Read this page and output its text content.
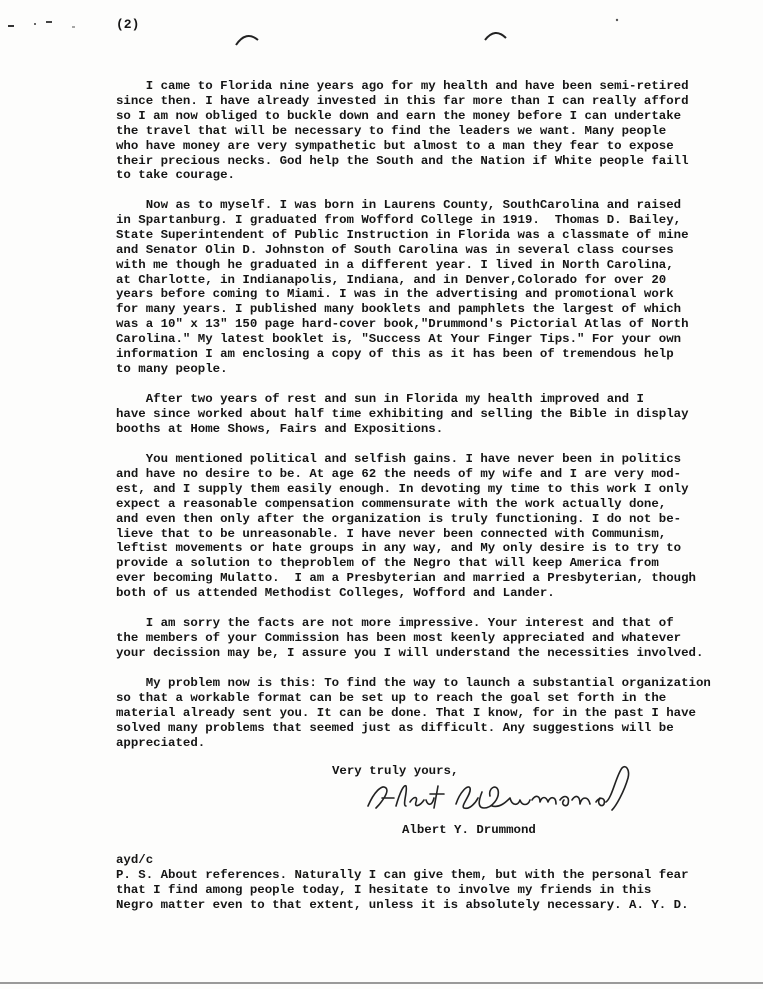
(2)
I came to Florida nine years ago for my health and have been semi-retired
since then. I have already invested in this far more than I can really afford
so I am now obliged to buckle down and earn the money before I can undertake
the travel that will be necessary to find the leaders we want. Many people
who have money are very sympathetic but almost to a man they fear to expose
their precious necks. God help the South and the Nation if White people faill
to take courage.
Now as to myself. I was born in Laurens County, SouthCarolina and raised
in Spartanburg. I graduated from Wofford College in 1919.  Thomas D. Bailey,
State Superintendent of Public Instruction in Florida was a classmate of mine
and Senator Olin D. Johnston of South Carolina was in several class courses
with me though he graduated in a different year. I lived in North Carolina,
at Charlotte, in Indianapolis, Indiana, and in Denver,Colorado for over 20
years before coming to Miami. I was in the advertising and promotional work
for many years. I published many booklets and pamphlets the largest of which
was a 10" x 13" 150 page hard-cover book,"Drummond's Pictorial Atlas of North
Carolina." My latest booklet is, "Success At Your Finger Tips." For your own
information I am enclosing a copy of this as it has been of tremendous help
to many people.
After two years of rest and sun in Florida my health improved and I
have since worked about half time exhibiting and selling the Bible in display
booths at Home Shows, Fairs and Expositions.
You mentioned political and selfish gains. I have never been in politics
and have no desire to be. At age 62 the needs of my wife and I are very mod-
est, and I supply them easily enough. In devoting my time to this work I only
expect a reasonable compensation commensurate with the work actually done,
and even then only after the organization is truly functioning. I do not be-
lieve that to be unreasonable. I have never been connected with Communism,
leftist movements or hate groups in any way, and My only desire is to try to
provide a solution to theproblem of the Negro that will keep America from
ever becoming Mulatto.  I am a Presbyterian and married a Presbyterian, though
both of us attended Methodist Colleges, Wofford and Lander.
I am sorry the facts are not more impressive. Your interest and that of
the members of your Commission has been most keenly appreciated and whatever
your decission may be, I assure you I will understand the necessities involved.
My problem now is this: To find the way to launch a substantial organization
so that a workable format can be set up to reach the goal set forth in the
material already sent you. It can be done. That I know, for in the past I have
solved many problems that seemed just as difficult. Any suggestions will be
appreciated.
Very truly yours,
Albert Y. Drummond
ayd/c
P. S. About references. Naturally I can give them, but with the personal fear
that I find among people today, I hesitate to involve my friends in this
Negro matter even to that extent, unless it is absolutely necessary. A. Y. D.
